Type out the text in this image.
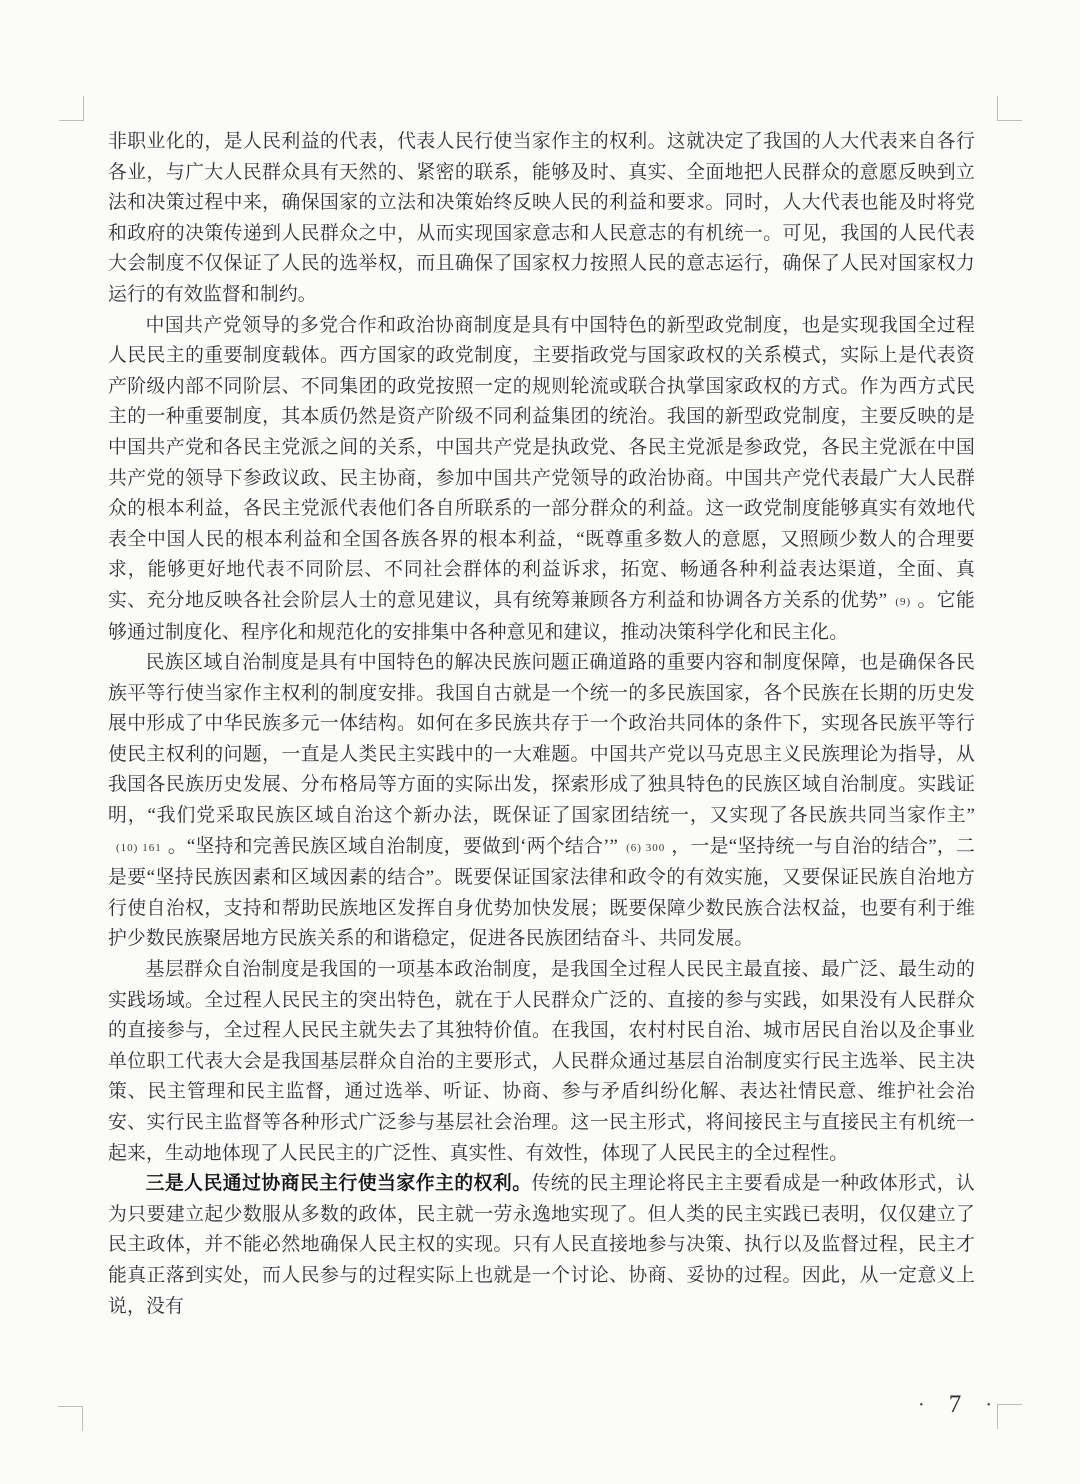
非职业化的，是人民利益的代表，代表人民行使当家作主的权利。这就决定了我国的人大代表来自各行各业，与广大人民群众具有天然的、紧密的联系，能够及时、真实、全面地把人民群众的意愿反映到立法和决策过程中来，确保国家的立法和决策始终反映人民的利益和要求。同时，人大代表也能及时将党和政府的决策传递到人民群众之中，从而实现国家意志和人民意志的有机统一。可见，我国的人民代表大会制度不仅保证了人民的选举权，而且确保了国家权力按照人民的意志运行，确保了人民对国家权力运行的有效监督和制约。

中国共产党领导的多党合作和政治协商制度是具有中国特色的新型政党制度，也是实现我国全过程人民民主的重要制度载体。西方国家的政党制度，主要指政党与国家政权的关系模式，实际上是代表资产阶级内部不同阶层、不同集团的政党按照一定的规则轮流或联合执掌国家政权的方式。作为西方式民主的一种重要制度，其本质仍然是资产阶级不同利益集团的统治。我国的新型政党制度，主要反映的是中国共产党和各民主党派之间的关系，中国共产党是执政党、各民主党派是参政党，各民主党派在中国共产党的领导下参政议政、民主协商，参加中国共产党领导的政治协商。中国共产党代表最广大人民群众的根本利益，各民主党派代表他们各自所联系的一部分群众的利益。这一政党制度能够真实有效地代表全中国人民的根本利益和全国各族各界的根本利益，“既尊重多数人的意愿，又照顾少数人的合理要求，能够更好地代表不同阶层、不同社会群体的利益诉求，拓宽、畅通各种利益表达渠道，全面、真实、充分地反映各社会阶层人士的意见建议，具有统筹兼顾各方利益和协调各方关系的优势” (9) 。它能够通过制度化、程序化和规范化的安排集中各种意见和建议，推动决策科学化和民主化。

民族区域自治制度是具有中国特色的解决民族问题正确道路的重要内容和制度保障，也是确保各民族平等行使当家作主权利的制度安排。我国自古就是一个统一的多民族国家，各个民族在长期的历史发展中形成了中华民族多元一体结构。如何在多民族共存于一个政治共同体的条件下，实现各民族平等行使民主权利的问题，一直是人类民主实践中的一大难题。中国共产党以马克思主义民族理论为指导，从我国各民族历史发展、分布格局等方面的实际出发，探索形成了独具特色的民族区域自治制度。实践证明，“我们党采取民族区域自治这个新办法，既保证了国家团结统一，又实现了各民族共同当家作主”(10) 161 。“坚持和完善民族区域自治制度，要做到‘两个结合’” (6) 300 ，一是“坚持统一与自治的结合”，二是要“坚持民族因素和区域因素的结合”。既要保证国家法律和政令的有效实施，又要保证民族自治地方行使自治权，支持和帮助民族地区发挥自身优势加快发展；既要保障少数民族合法权益，也要有利于维护少数民族聚居地方民族关系的和谐稳定，促进各民族团结奋斗、共同发展。

基层群众自治制度是我国的一项基本政治制度，是我国全过程人民民主最直接、最广泛、最生动的实践场域。全过程人民民主的突出特色，就在于人民群众广泛的、直接的参与实践，如果没有人民群众的直接参与，全过程人民民主就失去了其独特价值。在我国，农村村民自治、城市居民自治以及企事业单位职工代表大会是我国基层群众自治的主要形式，人民群众通过基层自治制度实行民主选举、民主决策、民主管理和民主监督，通过选举、听证、协商、参与矛盾纠纷化解、表达社情民意、维护社会治安、实行民主监督等各种形式广泛参与基层社会治理。这一民主形式，将间接民主与直接民主有机统一起来，生动地体现了人民民主的广泛性、真实性、有效性，体现了人民民主的全过程性。

三是人民通过协商民主行使当家作主的权利。传统的民主理论将民主主要看成是一种政体形式，认为只要建立起少数服从多数的政体，民主就一劳永逸地实现了。但人类的民主实践已表明，仅仅建立了民主政体，并不能必然地确保人民主权的实现。只有人民直接地参与决策、执行以及监督过程，民主才能真正落到实处，而人民参与的过程实际上也就是一个讨论、协商、妥协的过程。因此，从一定意义上说，没有

· 7 ·
